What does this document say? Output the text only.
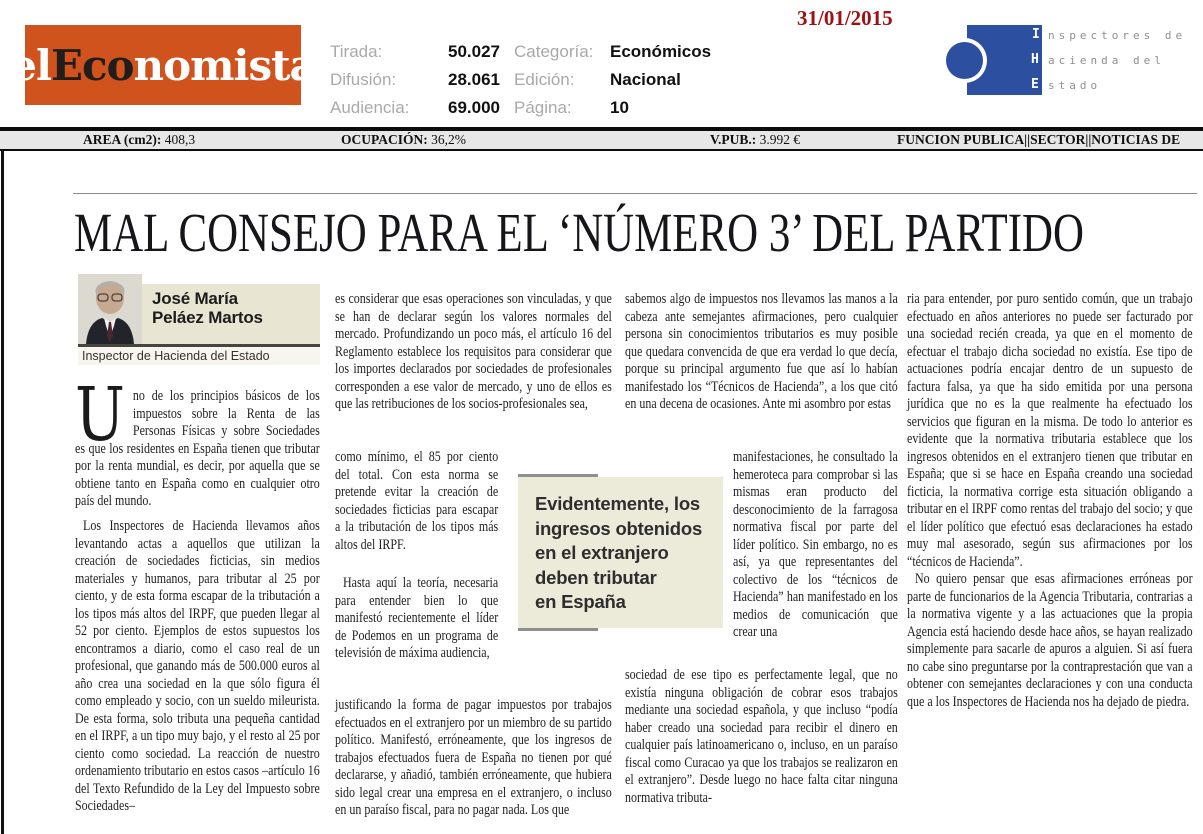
elEconomista Tirada:	50.027 Categoría: Económicos
Difusión:	28.061 Edición:	Nacional
Audiencia:	69.000 Página:	10
31/01/2015
I nspectores de
H acienda del
E stado
AREA (cm2): 408,3	OCUPACIÓN: 36,2%	V.PUB.: 3.992 €	FUNCION PUBLICA||SECTOR||NOTICIAS DE
MAL CONSEJO PARA EL ‘NÚMERO 3’ DEL PARTIDO
José María
Peláez Martos
Inspector de Hacienda del Estado

Uno de los principios básicos de los impuestos sobre la Renta de las Personas Físicas y sobre Sociedades es que los residentes en España tienen que tributar por la renta mundial, es decir, por aquella que se obtiene tanto en España como en cualquier otro país del mundo.

Los Inspectores de Hacienda llevamos años levantando actas a aquellos que utilizan la creación de sociedades ficticias, sin medios materiales y humanos, para tributar al 25 por ciento, y de esta forma escapar de la tributación a los tipos más altos del IRPF, que pueden llegar al 52 por ciento. Ejemplos de estos supuestos los encontramos a diario, como el caso real de un profesional, que ganando más de 500.000 euros al año crea una sociedad en la que sólo figura él como empleado y socio, con un sueldo mileurista. De esta forma, solo tributa una pequeña cantidad en el IRPF, a un tipo muy bajo, y el resto al 25 por ciento como sociedad. La reacción de nuestro ordenamiento tributario en estos casos –artículo 16 del Texto Refundido de la Ley del Impuesto sobre Sociedades–

es considerar que esas operaciones son vinculadas, y que se han de declarar según los valores normales del mercado. Profundizando un poco más, el artículo 16 del Reglamento establece los requisitos para considerar que los importes declarados por sociedades de profesionales corresponden a ese valor de mercado, y uno de ellos es que las retribuciones de los socios-profesionales sea,

como mínimo, el 85 por ciento del total. Con esta norma se pretende evitar la creación de sociedades ficticias para escapar a la tributación de los tipos más altos del IRPF.

Hasta aquí la teoría, necesaria para entender bien lo que manifestó recientemente el líder de Podemos en un programa de televisión de máxima audiencia,

justificando la forma de pagar impuestos por trabajos efectuados en el extranjero por un miembro de su partido político. Manifestó, erróneamente, que los ingresos de trabajos efectuados fuera de España no tienen por qué declararse, y añadió, también erróneamente, que hubiera sido legal crear una empresa en el extranjero, o incluso en un paraíso fiscal, para no pagar nada. Los que

sabemos algo de impuestos nos llevamos las manos a la cabeza ante semejantes afirmaciones, pero cualquier persona sin conocimientos tributarios es muy posible que quedara convencida de que era verdad lo que decía, porque su principal argumento fue que así lo habían manifestado los “Técnicos de Hacienda”, a los que citó en una decena de ocasiones. Ante mi asombro por estas

manifestaciones, he consultado la hemeroteca para comprobar si las mismas eran producto del desconocimiento de la farragosa normativa fiscal por parte del líder político. Sin embargo, no es así, ya que representantes del colectivo de los “técnicos de Hacienda” han manifestado en los medios de comunicación que crear una

sociedad de ese tipo es perfectamente legal, que no existía ninguna obligación de cobrar esos trabajos mediante una sociedad española, y que incluso “podía haber creado una sociedad para recibir el dinero en cualquier país latinoamericano o, incluso, en un paraíso fiscal como Curacao ya que los trabajos se realizaron en el extranjero”. Desde luego no hace falta citar ninguna normativa tributa-

ria para entender, por puro sentido común, que un trabajo efectuado en años anteriores no puede ser facturado por una sociedad recién creada, ya que en el momento de efectuar el trabajo dicha sociedad no existía. Ese tipo de actuaciones podría encajar dentro de un supuesto de factura falsa, ya que ha sido emitida por una persona jurídica que no es la que realmente ha efectuado los servicios que figuran en la misma. De todo lo anterior es evidente que la normativa tributaria establece que los ingresos obtenidos en el extranjero tienen que tributar en España; que si se hace en España creando una sociedad ficticia, la normativa corrige esta situación obligando a tributar en el IRPF como rentas del trabajo del socio; y que el líder político que efectuó esas declaraciones ha estado muy mal asesorado, según sus afirmaciones por los “técnicos de Hacienda”.

No quiero pensar que esas afirmaciones erróneas por parte de funcionarios de la Agencia Tributaria, contrarias a la normativa vigente y a las actuaciones que la propia Agencia está haciendo desde hace años, se hayan realizado simplemente para sacarle de apuros a alguien. Si así fuera no cabe sino preguntarse por la contraprestación que van a obtener con semejantes declaraciones y con una conducta que a los Inspectores de Hacienda nos ha dejado de piedra.

Evidentemente, los
ingresos obtenidos
en el extranjero
deben tributar
en España
